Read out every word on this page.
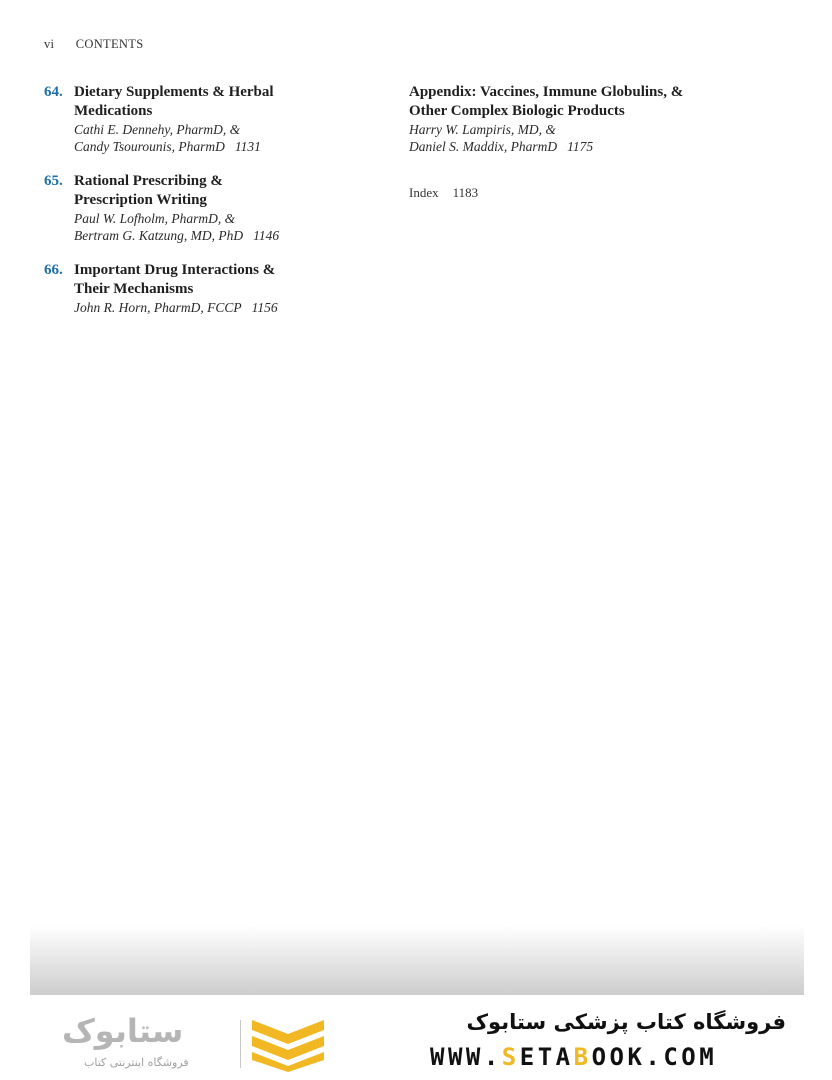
vi CONTENTS
64. Dietary Supplements & Herbal
Medications
Cathi E. Dennehy, PharmD, &
Candy Tsourounis, PharmD 1131
65. Rational Prescribing &
Prescription Writing
Paul W. Lofholm, PharmD, &
Bertram G. Katzung, MD, PhD 1146
66. Important Drug Interactions &
Their Mechanisms
John R. Horn, PharmD, FCCP 1156
Appendix: Vaccines, Immune Globulins, &
Other Complex Biologic Products
Harry W. Lampiris, MD, &
Daniel S. Maddix, PharmD 1175
Index 1183
ستابوک
فروشگاه اینترنتی کتاب
فروشگاه کتاب پزشکی ستابوک
WWW.SETABOOK.COM
